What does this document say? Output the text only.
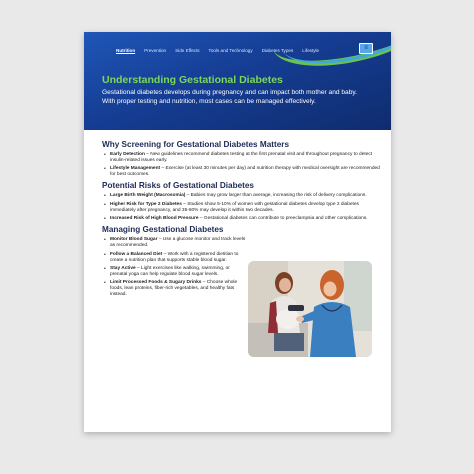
Nutrition Prevention Side Effects Tools and Technology Diabetes Types Lifestyle	≡
Understanding Gestational Diabetes

Gestational diabetes develops during pregnancy and can impact both mother and baby. With proper testing and nutrition, most cases can be managed effectively.

Why Screening for Gestational Diabetes Matters
• Early Detection – New guidelines recommend diabetes testing at the first prenatal visit and throughout pregnancy to detect insulin-related issues early.
• Lifestyle Management – Exercise (at least 30 minutes per day) and nutrition therapy with medical oversight are recommended for best outcomes.
Potential Risks of Gestational Diabetes
• Large Birth Weight (Macrosomia) – Babies may grow larger than average, increasing the risk of delivery complications.
• Higher Risk for Type 2 Diabetes – Studies show 5-10% of women with gestational diabetes develop type 2 diabetes immediately after pregnancy, and 35-60% may develop it within two decades.
• Increased Risk of High Blood Pressure – Gestational diabetes can contribute to preeclampsia and other complications.
Managing Gestational Diabetes
• Monitor Blood Sugar – Use a glucose monitor and track levels as recommended.
• Follow a Balanced Diet – Work with a registered dietitian to create a nutrition plan that supports stable blood sugar.
• Stay Active – Light exercises like walking, swimming, or prenatal yoga can help regulate blood sugar levels.
• Limit Processed Foods & Sugary Drinks – Choose whole foods, lean proteins, fiber-rich vegetables, and healthy fats instead.
